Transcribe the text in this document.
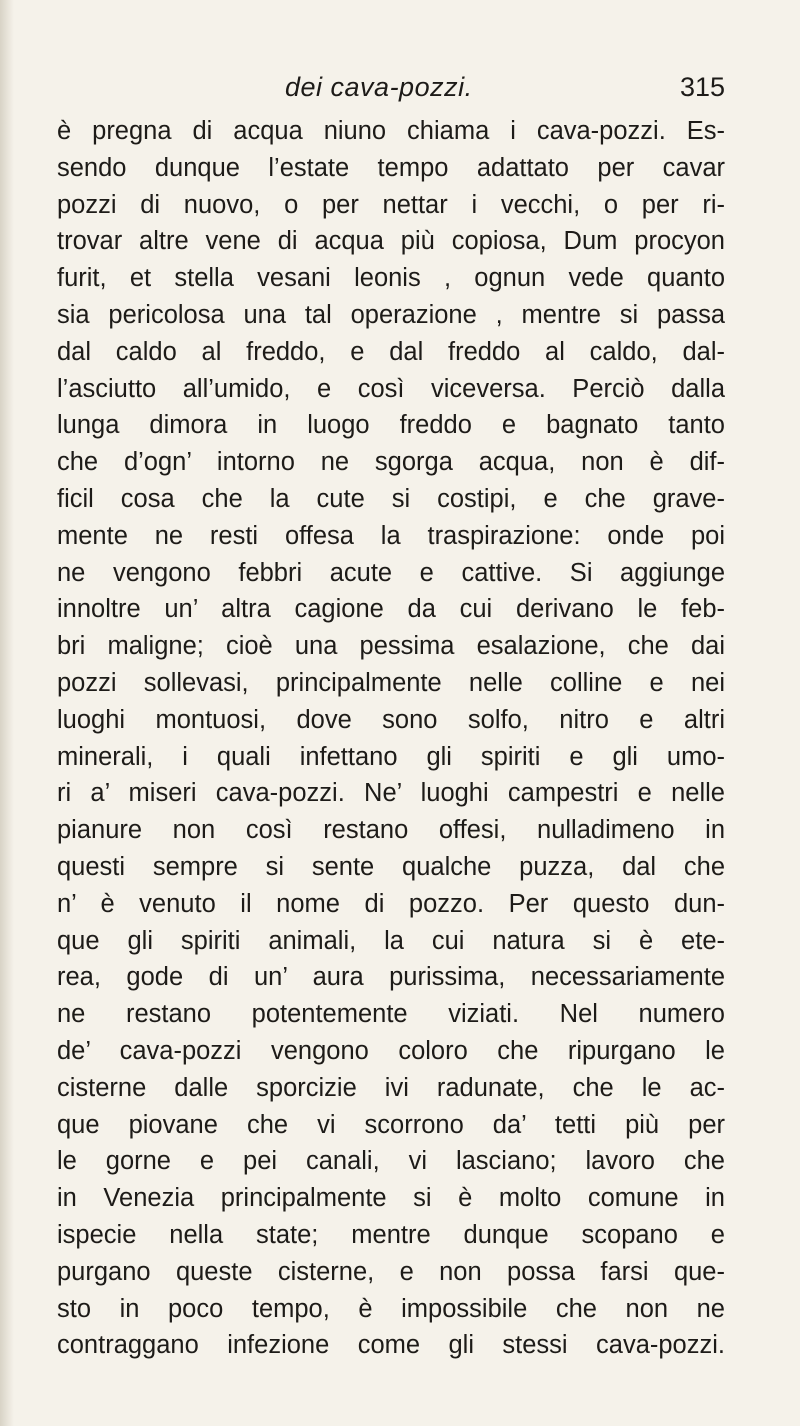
dei cava-pozzi.	315
è pregna di acqua niuno chiama i cava-pozzi. Es-
sendo dunque l’estate tempo adattato per cavar
pozzi di nuovo, o per nettar i vecchi, o per ri-
trovar altre vene di acqua più copiosa, Dum procyon
furit, et stella vesani leonis , ognun vede quanto
sia pericolosa una tal operazione , mentre si passa
dal caldo al freddo, e dal freddo al caldo, dal-
l’asciutto all’umido, e così viceversa. Perciò dalla
lunga dimora in luogo freddo e bagnato tanto
che d’ogn’ intorno ne sgorga acqua, non è dif-
ficil cosa che la cute si costipi, e che grave-
mente ne resti offesa la traspirazione: onde poi
ne vengono febbri acute e cattive. Si aggiunge
innoltre un’ altra cagione da cui derivano le feb-
bri maligne; cioè una pessima esalazione, che dai
pozzi sollevasi, principalmente nelle colline e nei
luoghi montuosi, dove sono solfo, nitro e altri
minerali, i quali infettano gli spiriti e gli umo-
ri a’ miseri cava-pozzi. Ne’ luoghi campestri e nelle
pianure non così restano offesi, nulladimeno in
questi sempre si sente qualche puzza, dal che
n’ è venuto il nome di pozzo. Per questo dun-
que gli spiriti animali, la cui natura si è ete-
rea, gode di un’ aura purissima, necessariamente
ne restano potentemente viziati. Nel numero
de’ cava-pozzi vengono coloro che ripurgano le
cisterne dalle sporcizie ivi radunate, che le ac-
que piovane che vi scorrono da’ tetti più per
le gorne e pei canali, vi lasciano; lavoro che
in Venezia principalmente si è molto comune in
ispecie nella state; mentre dunque scopano e
purgano queste cisterne, e non possa farsi que-
sto in poco tempo, è impossibile che non ne
contraggano infezione come gli stessi cava-pozzi.
